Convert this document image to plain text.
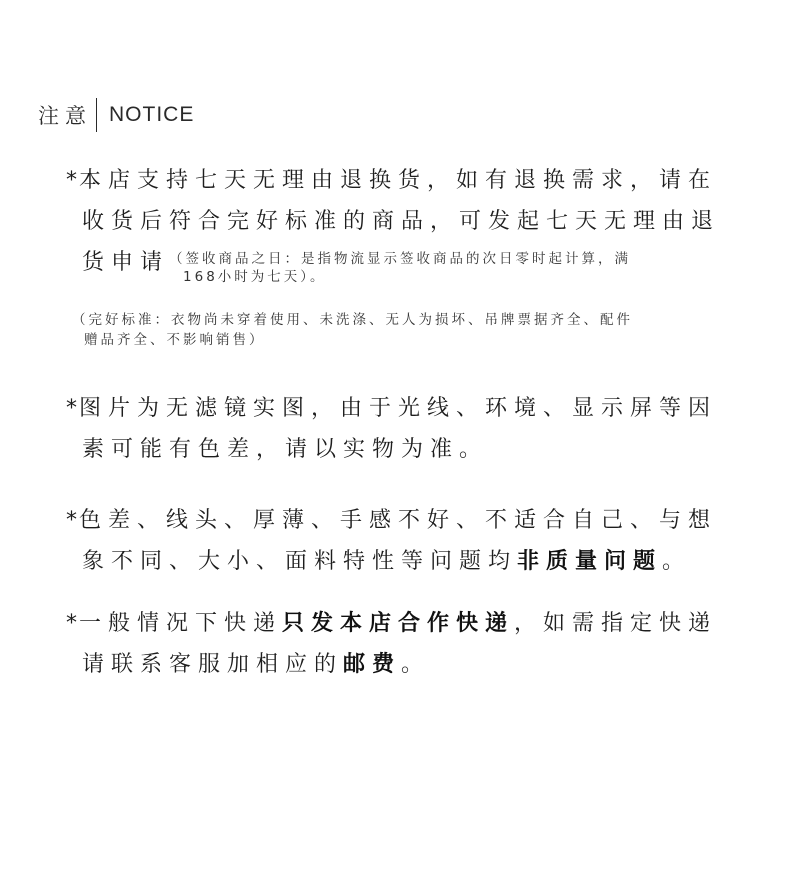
注意 NOTICE
*本店支持七天无理由退换货，如有退换需求，请在
收货后符合完好标准的商品，可发起七天无理由退
货申请 （签收商品之日：是指物流显示签收商品的次日零时起计算，满
168小时为七天）。
（完好标准：衣物尚未穿着使用、未洗涤、无人为损坏、吊牌票据齐全、配件
赠品齐全、不影响销售）
*图片为无滤镜实图，由于光线、环境、显示屏等因
素可能有色差，请以实物为准。
*色差、线头、厚薄、手感不好、不适合自己、与想
象不同、大小、面料特性等问题均非质量问题。
*一般情况下快递只发本店合作快递，如需指定快递
请联系客服加相应的邮费。
